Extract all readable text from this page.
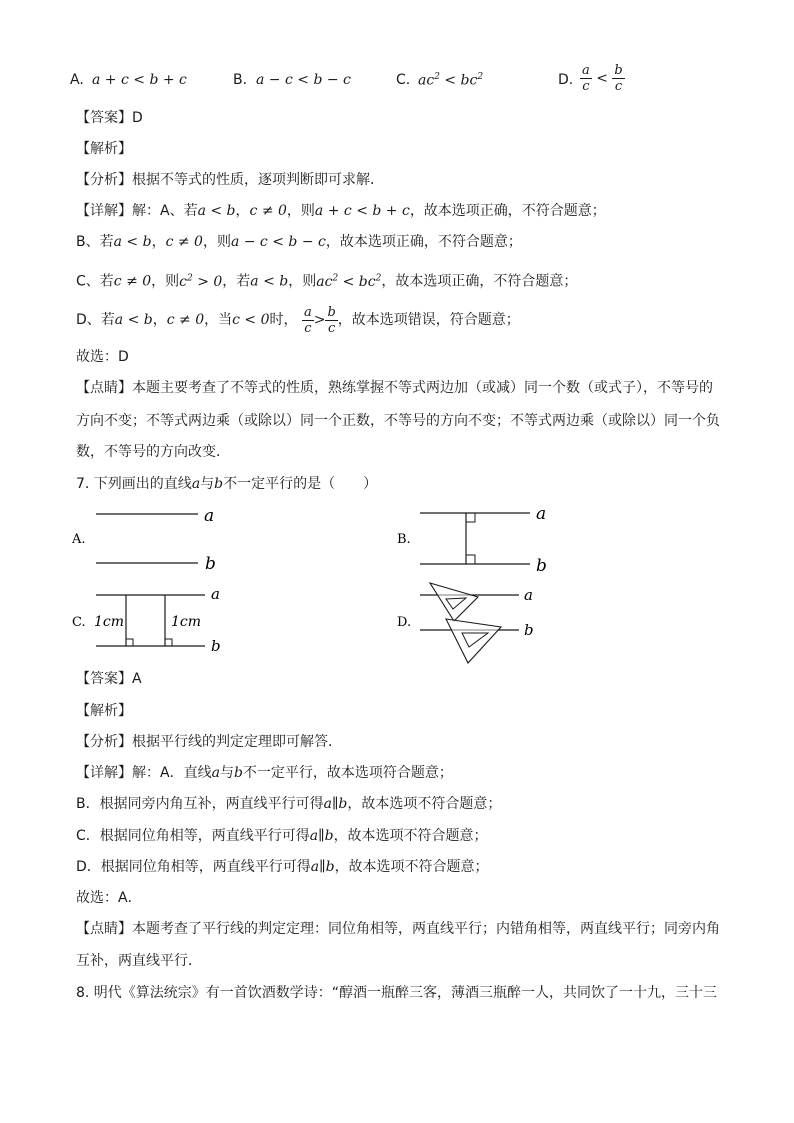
A. a + c < b + c	B. a − c < b − c	C. $ac^2 < bc^2$	D. $\frac{a}{c} < \frac{b}{c}$
【答案】D
【解析】
【分析】根据不等式的性质，逐项判断即可求解．
【详解】解：A、若a < b，c ≠ 0，则a + c < b + c，故本选项正确，不符合题意；
B、若a < b，c ≠ 0，则a − c < b − c，故本选项正确，不符合题意；
C、若c ≠ 0，则$c^2 > 0$，若a < b，则$ac^2 < bc^2$，故本选项正确，不符合题意；
D、若a < b，c ≠ 0，当c < 0时， $\frac{a}{c} > \frac{b}{c}$ ，故本选项错误，符合题意；
故选：D
【点睛】本题主要考查了不等式的性质，熟练掌握不等式两边加（或减）同一个数（或式子），不等号的
方向不变；不等式两边乘（或除以）同一个正数，不等号的方向不变；不等式两边乘（或除以）同一个负
数，不等号的方向改变．
7. 下列画出的直线a与b不一定平行的是（　　）
A.
a
b
B.
a
b
C.
a
b
1cm	1cm	D.
a
b
【答案】A
【解析】
【分析】根据平行线的判定定理即可解答．
【详解】解：A．直线a与b不一定平行，故本选项符合题意；
B．根据同旁内角互补，两直线平行可得a∥b，故本选项不符合题意；
C．根据同位角相等，两直线平行可得a∥b，故本选项不符合题意；
D．根据同位角相等，两直线平行可得a∥b，故本选项不符合题意；
故选：A．
【点睛】本题考查了平行线的判定定理：同位角相等，两直线平行；内错角相等，两直线平行；同旁内角
互补，两直线平行．
8. 明代《算法统宗》有一首饮酒数学诗：“醇酒一瓶醉三客，薄酒三瓶醉一人，共同饮了一十九，三十三
